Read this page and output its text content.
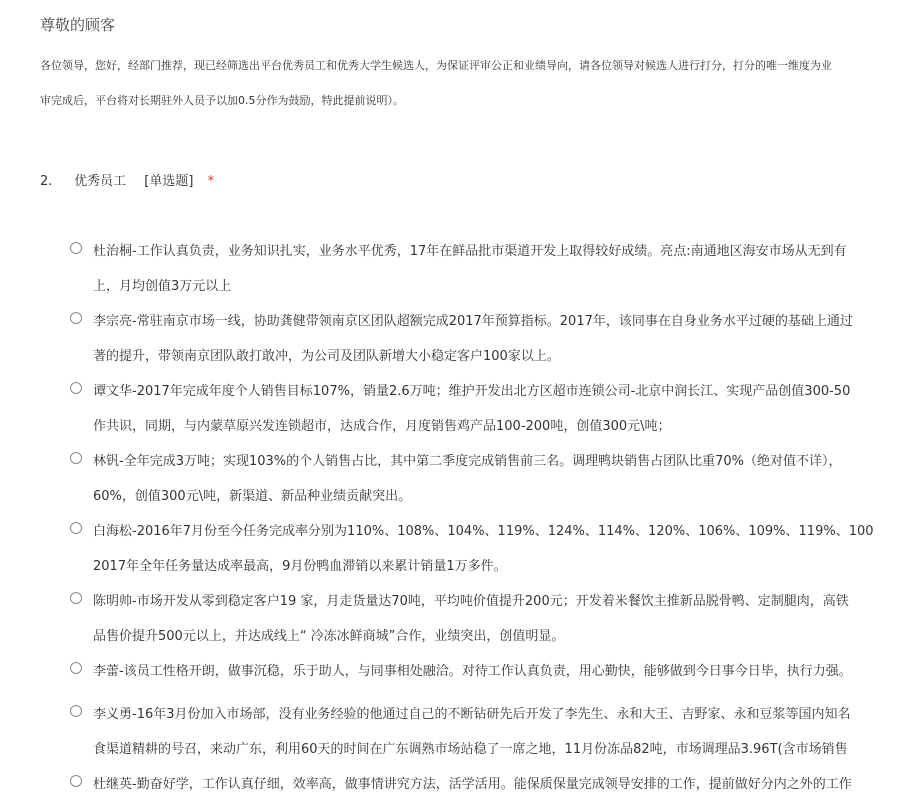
尊敬的顾客
各位领导，您好，经部门推荐，现已经筛选出平台优秀员工和优秀大学生候选人，为保证评审公正和业绩导向，请各位领导对候选人进行打分，打分的唯一维度为业
审完成后，平台将对长期驻外人员予以加0.5分作为鼓励，特此提前说明）。
2. 优秀员工 [单选题] *
杜治桐-工作认真负责，业务知识扎实，业务水平优秀，17年在鲜品批市渠道开发上取得较好成绩。亮点:南通地区海安市场从无到有
上，月均创值3万元以上
李宗亮-常驻南京市场一线，协助龚健带领南京区团队超额完成2017年预算指标。2017年，该同事在自身业务水平过硬的基础上通过
著的提升，带领南京团队敢打敢冲，为公司及团队新增大小稳定客户100家以上。
谭文华-2017年完成年度个人销售目标107%，销量2.6万吨；维护开发出北方区超市连锁公司-北京中润长江、实现产品创值300-50
作共识，同期，与内蒙草原兴发连锁超市，达成合作，月度销售鸡产品100-200吨，创值300元\吨；
林钒-全年完成3万吨；实现103%的个人销售占比，其中第二季度完成销售前三名。调理鸭块销售占团队比重70%（绝对值不详），
60%，创值300元\吨，新渠道、新品种业绩贡献突出。
白海松-2016年7月份至今任务完成率分别为110%、108%、104%、119%、124%、114%、120%、106%、109%、119%、100
2017年全年任务量达成率最高，9月份鸭血滞销以来累计销量1万多件。
陈明帅-市场开发从零到稳定客户19 家，月走货量达70吨，平均吨价值提升200元；开发着米餐饮主推新品脱骨鸭、定制腿肉，高铁
品售价提升500元以上，并达成线上“ 冷冻冰鲜商城”合作，业绩突出，创值明显。
李蕾-该员工性格开朗，做事沉稳，乐于助人，与同事相处融洽。对待工作认真负责，用心勤快，能够做到今日事今日毕，执行力强。
李义勇-16年3月份加入市场部，没有业务经验的他通过自己的不断钻研先后开发了李先生、永和大王、吉野家、永和豆浆等国内知名
食渠道精耕的号召，来动广东，利用60天的时间在广东调熟市场站稳了一席之地，11月份冻品82吨，市场调理品3.96T(含市场销售
杜继英-勤奋好学，工作认真仔细，效率高，做事情讲究方法，活学活用。能保质保量完成领导安排的工作，提前做好分内之外的工作
